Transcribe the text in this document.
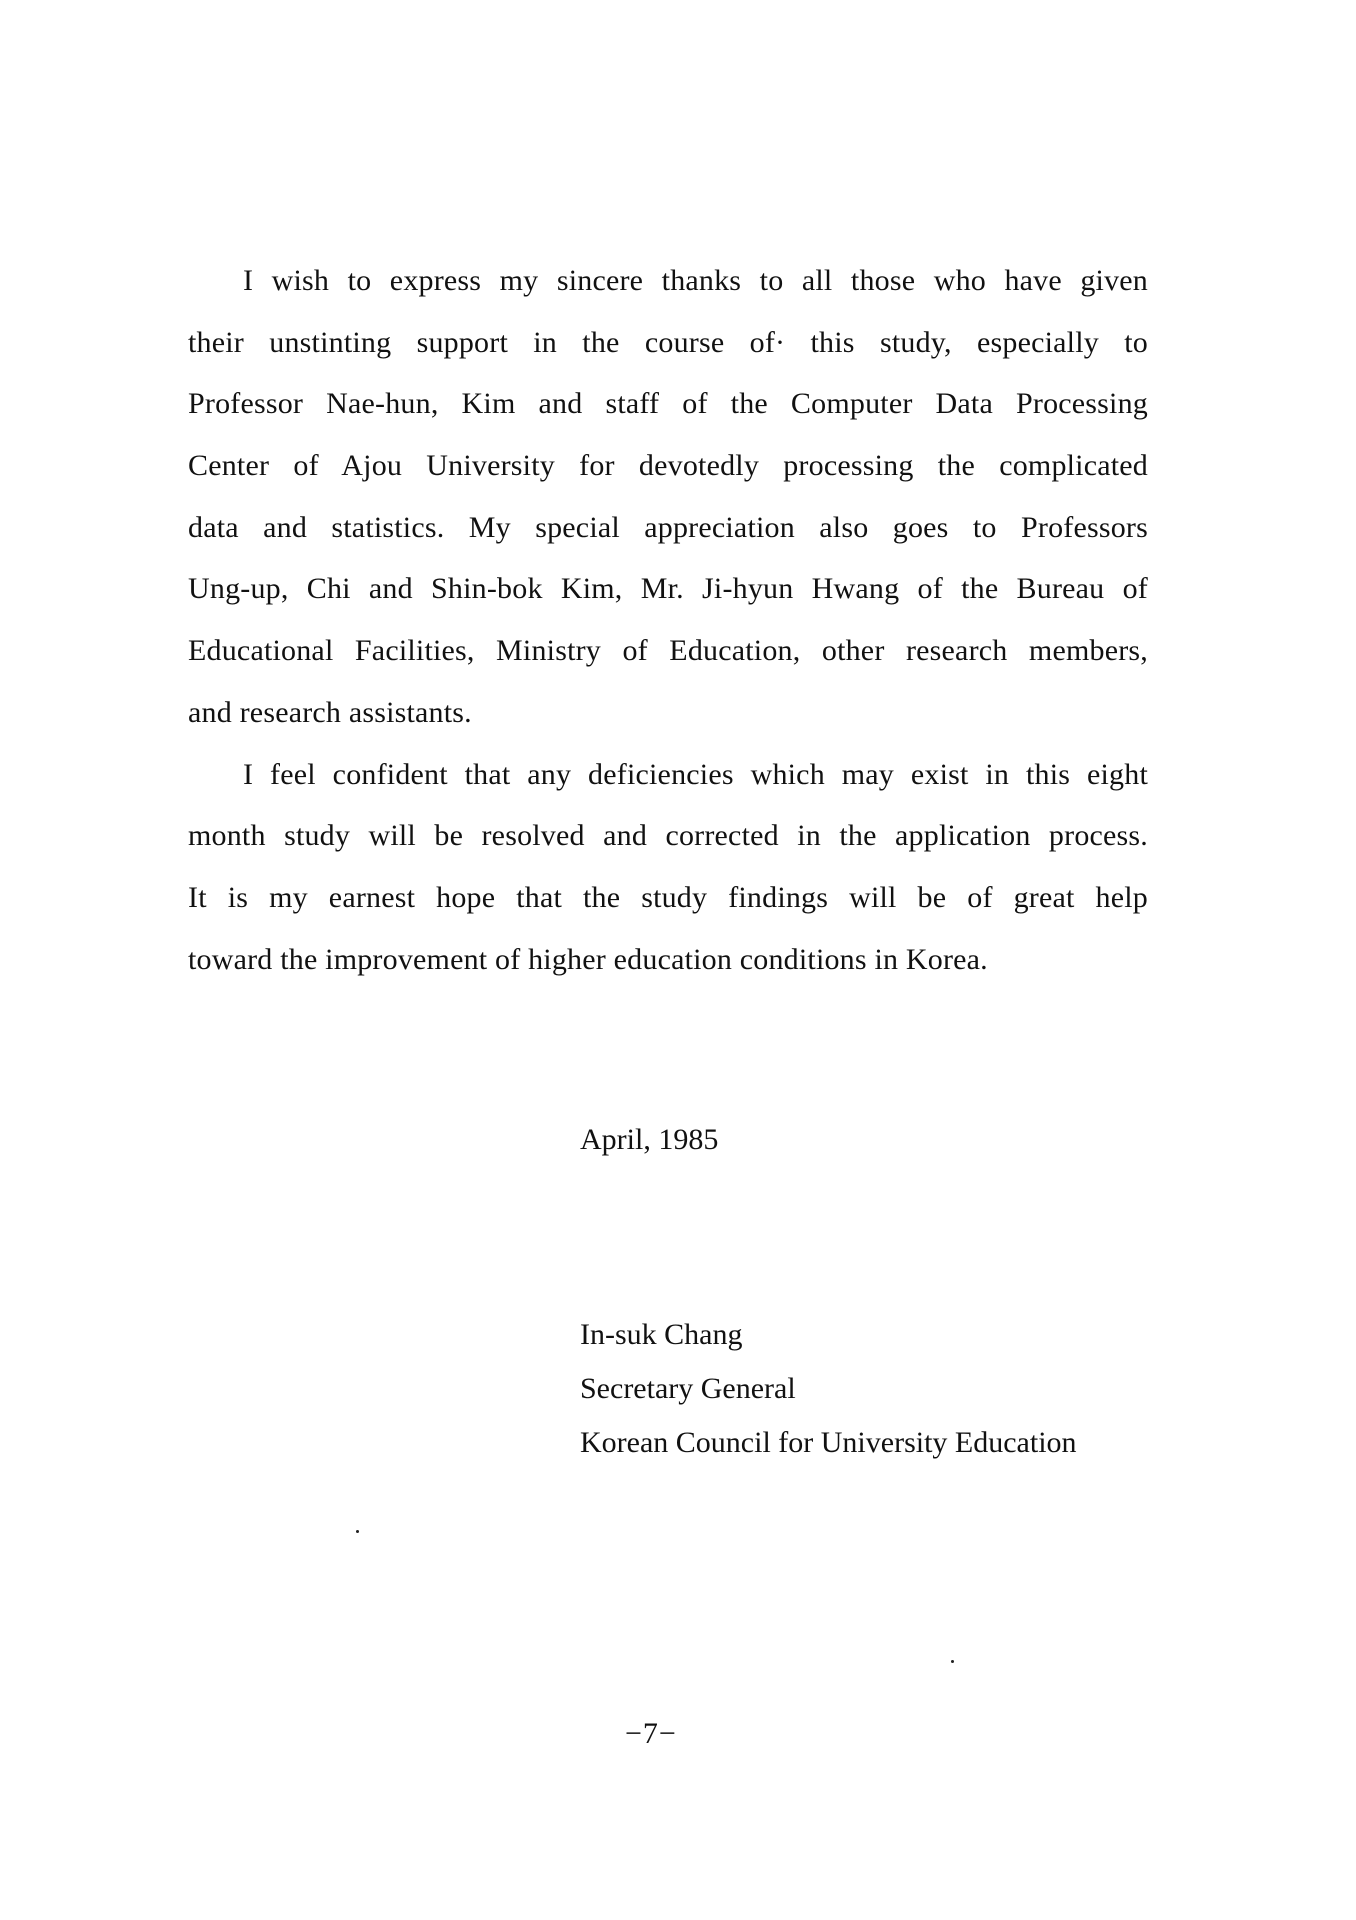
I wish to express my sincere thanks to all those who have given
their unstinting support in the course of· this study, especially to
Professor Nae-hun, Kim and staff of the Computer Data Processing
Center of Ajou University for devotedly processing the complicated
data and statistics. My special appreciation also goes to Professors
Ung-up, Chi and Shin-bok Kim, Mr. Ji-hyun Hwang of the Bureau of
Educational Facilities, Ministry of Education, other research members,
and research assistants.
I feel confident that any deficiencies which may exist in this eight
month study will be resolved and corrected in the application process.
It is my earnest hope that the study findings will be of great help
toward the improvement of higher education conditions in Korea.
April, 1985
In-suk Chang
Secretary General
Korean Council for University Education
−7−
